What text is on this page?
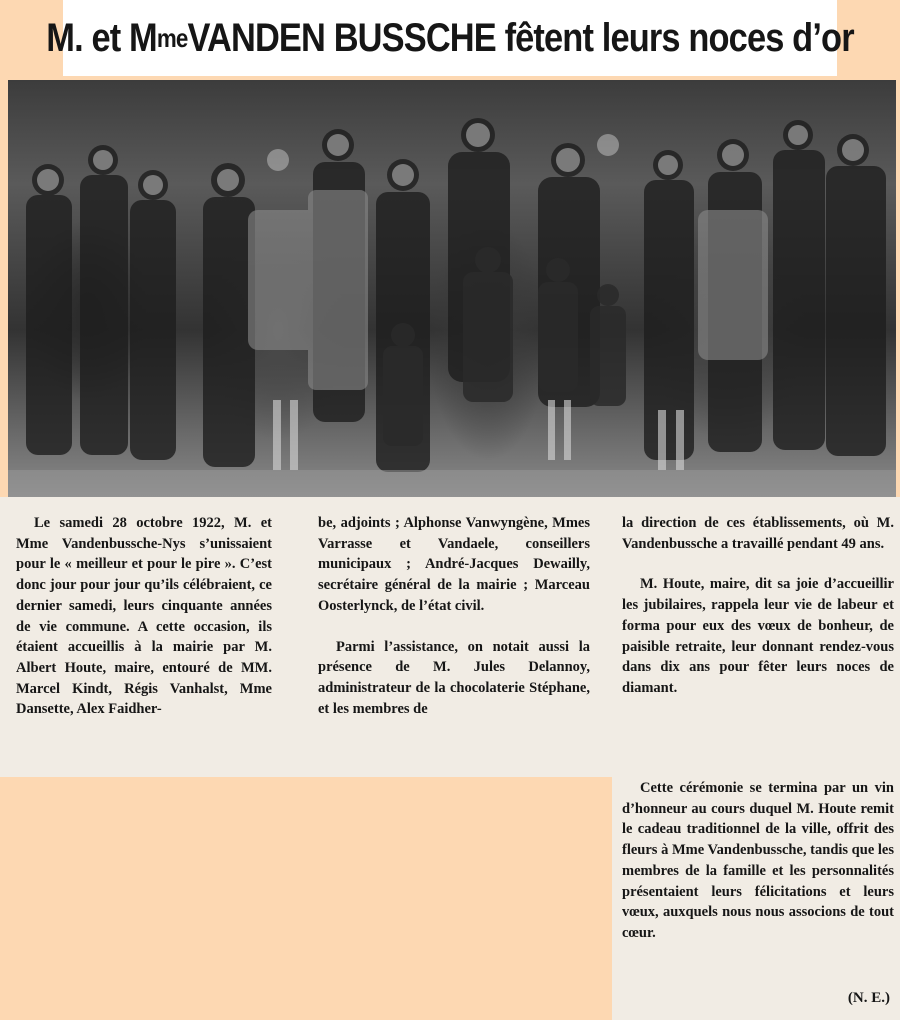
M. et M me VANDEN BUSSCHE fêtent leurs noces d’or

Le samedi 28 octobre 1922, M. et Mme Vandenbussche-Nys s’unissaient pour le « meilleur et pour le pire ». C’est donc jour pour jour qu’ils célébraient, ce dernier samedi, leurs cinquante années de vie commune. A cette occasion, ils étaient accueillis à la mairie par M. Albert Houte, maire, entouré de MM. Marcel Kindt, Régis Vanhalst, Mme Dansette, Alex Faidher-

be, adjoints ; Alphonse Vanwyngène, Mmes Varrasse et Vandaele, conseillers municipaux ; André-Jacques Dewailly, secrétaire général de la mairie ; Marceau Oosterlynck, de l’état civil.

Parmi l’assistance, on notait aussi la présence de M. Jules Delannoy, administrateur de la chocolaterie Stéphane, et les membres de

la direction de ces établissements, où M. Vandenbussche a travaillé pendant 49 ans.

M. Houte, maire, dit sa joie d’accueillir les jubilaires, rappela leur vie de labeur et forma pour eux des vœux de bonheur, de paisible retraite, leur donnant rendez-vous dans dix ans pour fêter leurs noces de diamant.

Cette cérémonie se termina par un vin d’honneur au cours duquel M. Houte remit le cadeau traditionnel de la ville, offrit des fleurs à Mme Vandenbussche, tandis que les membres de la famille et les personnalités présentaient leurs félicitations et leurs vœux, auxquels nous nous associons de tout cœur.

(N. E.)
